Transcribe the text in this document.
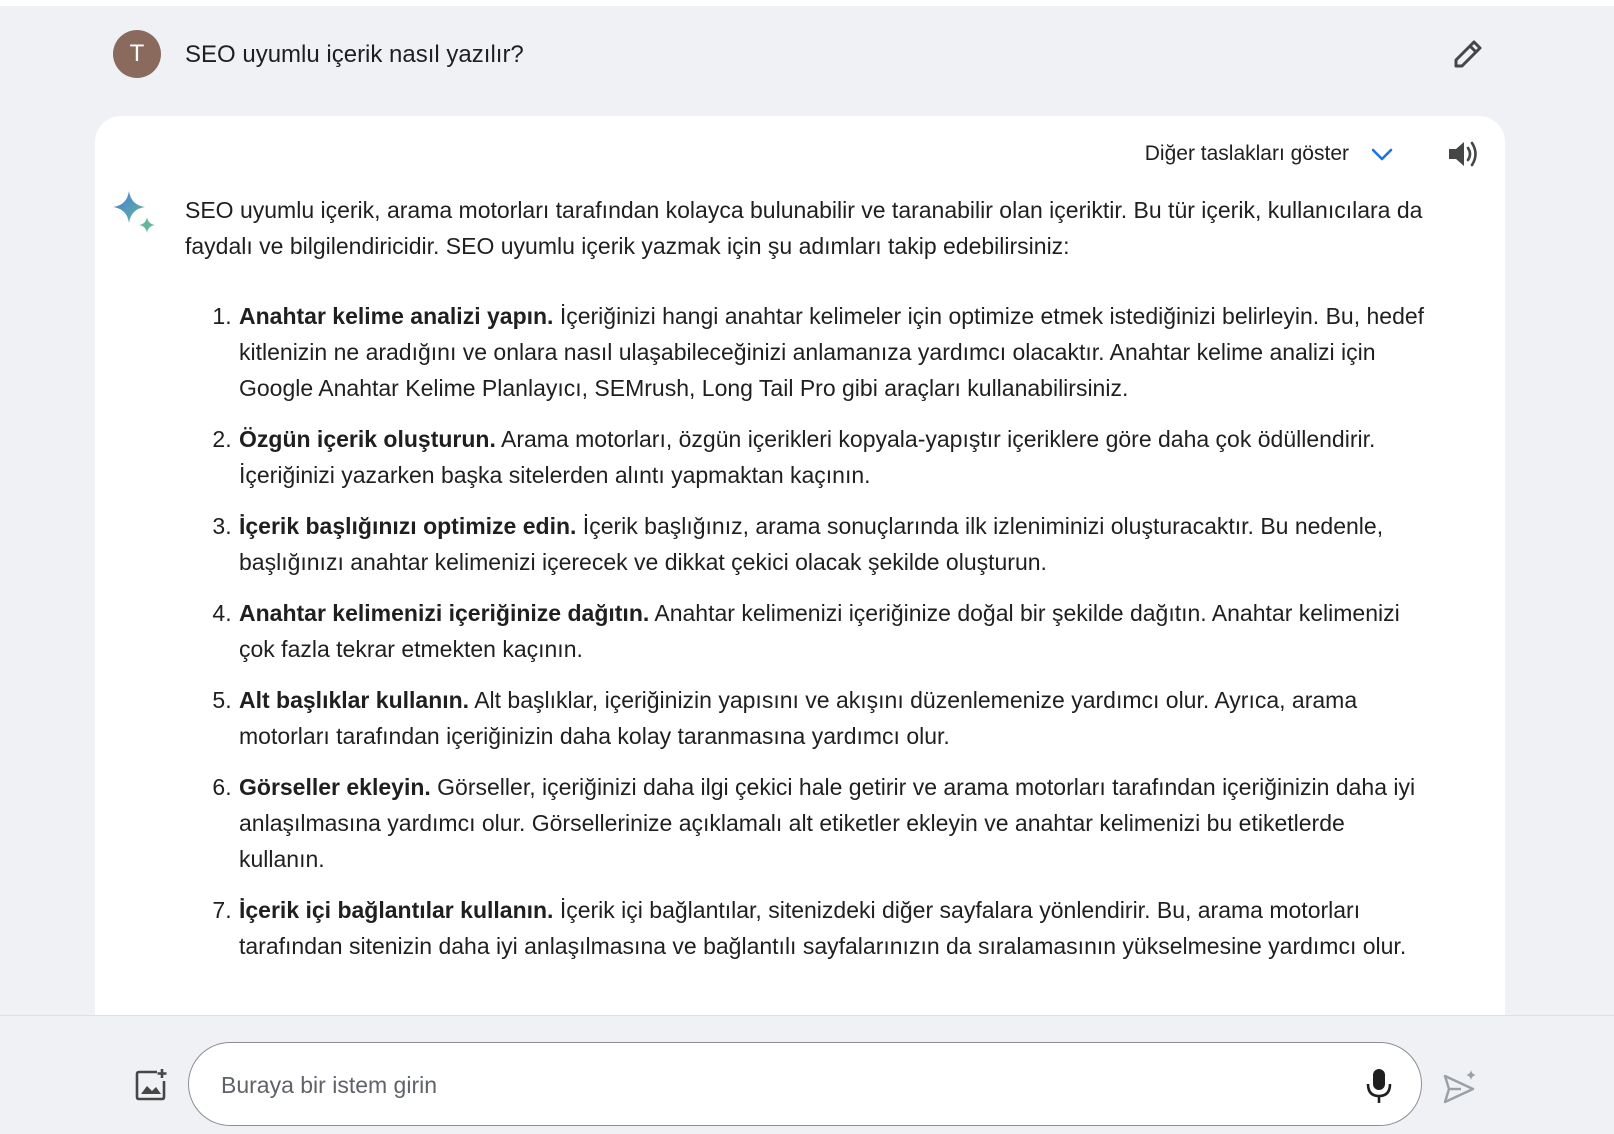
T	SEO uyumlu içerik nasıl yazılır?
Diğer taslakları göster

SEO uyumlu içerik, arama motorları tarafından kolayca bulunabilir ve taranabilir olan içeriktir. Bu tür içerik, kullanıcılara da faydalı ve bilgilendiricidir. SEO uyumlu içerik yazmak için şu adımları takip edebilirsiniz:

1. Anahtar kelime analizi yapın. İçeriğinizi hangi anahtar kelimeler için optimize etmek istediğinizi belirleyin. Bu, hedef kitlenizin ne aradığını ve onlara nasıl ulaşabileceğinizi anlamanıza yardımcı olacaktır. Anahtar kelime analizi için Google Anahtar Kelime Planlayıcı, SEMrush, Long Tail Pro gibi araçları kullanabilirsiniz.
2. Özgün içerik oluşturun. Arama motorları, özgün içerikleri kopyala-yapıştır içeriklere göre daha çok ödüllendirir. İçeriğinizi yazarken başka sitelerden alıntı yapmaktan kaçının.
3. İçerik başlığınızı optimize edin. İçerik başlığınız, arama sonuçlarında ilk izleniminizi oluşturacaktır. Bu nedenle, başlığınızı anahtar kelimenizi içerecek ve dikkat çekici olacak şekilde oluşturun.
4. Anahtar kelimenizi içeriğinize dağıtın. Anahtar kelimenizi içeriğinize doğal bir şekilde dağıtın. Anahtar kelimenizi çok fazla tekrar etmekten kaçının.
5. Alt başlıklar kullanın. Alt başlıklar, içeriğinizin yapısını ve akışını düzenlemenize yardımcı olur. Ayrıca, arama motorları tarafından içeriğinizin daha kolay taranmasına yardımcı olur.
6. Görseller ekleyin. Görseller, içeriğinizi daha ilgi çekici hale getirir ve arama motorları tarafından içeriğinizin daha iyi anlaşılmasına yardımcı olur. Görsellerinize açıklamalı alt etiketler ekleyin ve anahtar kelimenizi bu etiketlerde kullanın.
7. İçerik içi bağlantılar kullanın. İçerik içi bağlantılar, sitenizdeki diğer sayfalara yönlendirir. Bu, arama motorları tarafından sitenizin daha iyi anlaşılmasına ve bağlantılı sayfalarınızın da sıralamasının yükselmesine yardımcı olur.
Buraya bir istem girin
